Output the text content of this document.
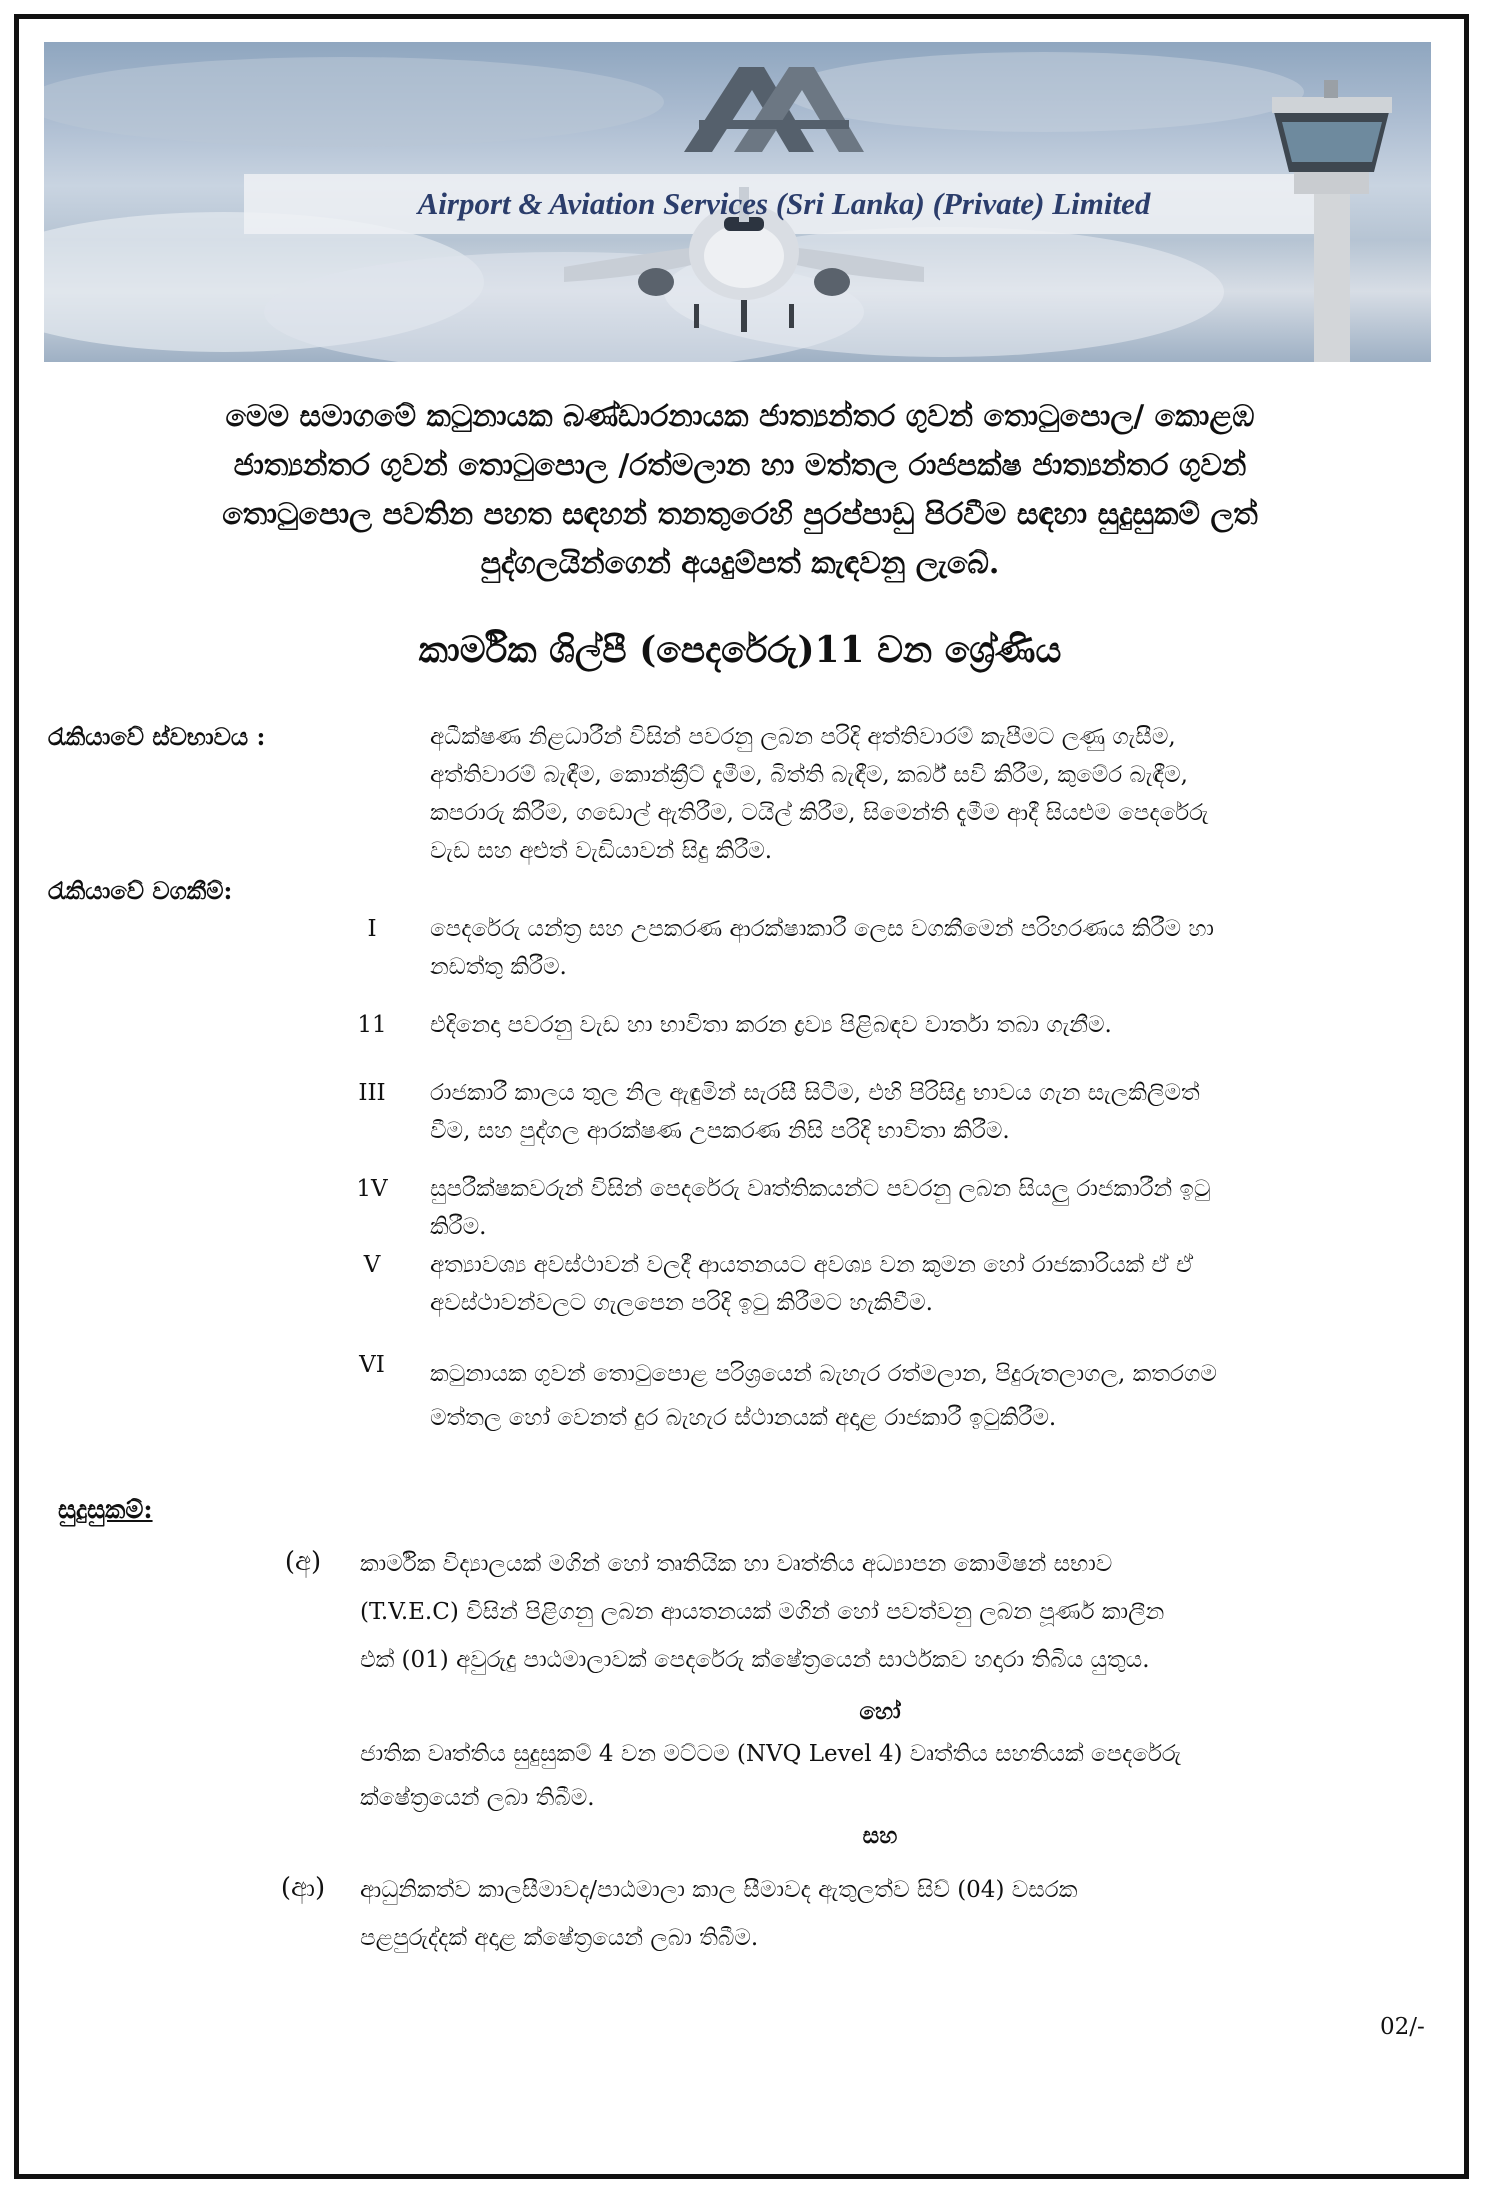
Airport & Aviation Services (Sri Lanka) (Private) Limited
මෙම සමාගමේ කටුනායක බණ්ඩාරනායක ජාත්‍යන්තර ගුවන් තොටුපොල/ කොළඹ
ජාත්‍යන්තර ගුවන් තොටුපොල /රත්මලාන හා මත්තල රාජපක්ෂ ජාත්‍යන්තර ගුවන්
තොටුපොල පවතින පහත සඳහන් තනතුරෙහි පුරප්පාඩු පිරවීම සඳහා සුදුසුකම් ලත්
පුද්ගලයින්ගෙන් අයදුම්පත් කැඳවනු ලැබේ.
කාර්මික ශිල්පී (පෙදරේරු)11 වන ශ්‍රේණිය
රැකියාවේ ස්වභාවය :	අධීක්ෂණ නිළධාරීන් විසින් පවරනු ලබන පරිදි අත්තිවාරම් කැපීමට ලණු ගැසීම,
අත්තිවාරම් බැඳීම, කොන්ක්‍රීට් දැමීම, බිත්ති බැඳීම, කර්බ් සවි කිරීම, කුමේර බැඳීම,
කපරාරු කිරීම, ගඩොල් ඇතිරීම, ටයිල් කිරීම, සිමෙන්ති දැමීම ආදී සියළුම පෙදරේරු
වැඩ සහ අළුත් වැඩියාවන් සිදු කිරීම.
රැකියාවේ වගකීම්:
I	පෙදරේරු යන්ත්‍ර සහ උපකරණ ආරක්ෂාකාරී ලෙස වගකීමෙන් පරිහරණය කිරීම හා
නඩත්තු කිරීම.
11	එදිනෙදා පවරනු වැඩ හා භාවිතා කරන ද්‍රව්‍ය පිළිබඳව වාර්තා තබා ගැනීම.
III	රාජකාරී කාලය තුල නිල ඇඳුමින් සැරසී සිටීම, එහි පිරිසිදු භාවය ගැන සැලකිලිමත්
වීම, සහ පුද්ගල ආරක්ෂණ උපකරණ නිසි පරිදි භාවිතා කිරීම.
1V	සුපරීක්ෂකවරුන් විසින් පෙදරේරු වෘත්තිකයන්ට පවරනු ලබන සියලු රාජකාරීන් ඉටු
කිරීම.
V	අත්‍යාවශ්‍ය අවස්ථාවන් වලදී ආයතනයට අවශ්‍ය වන කුමන හෝ රාජකාරියක් ඒ ඒ
අවස්ථාවන්වලට ගැලපෙන පරිදි ඉටු කිරීමට හැකිවීම.
VI	කටුනායක ගුවන් තොටුපොළ පරිශ්‍රයෙන් බැහැර රත්මලාන, පිදුරුතලාගල, කතරගම
මත්තල හෝ වෙනත් දුර බැහැර ස්ථානයක් අදාළ රාජකාරී ඉටුකිරීම.
සුදුසුකම්:
(අ)	කාර්මික විද්‍යාලයක් මගින් හෝ තෘතියික හා වෘත්තිය අධ්‍යාපන කොමිෂන් සභාව
(T.V.E.C) විසින් පිළිගනු ලබන ආයතනයක් මගින් හෝ පවත්වනු ලබන පූර්ණ කාලීන
එක් (01) අවුරුදු පාඨමාලාවක් පෙදරේරු ක්ෂේත්‍රයෙන් සාර්ථකව හදාරා තිබිය යුතුය.
හෝ
ජාතික වෘත්තිය සුදුසුකම් 4 වන මට්ටම (NVQ Level 4) වෘත්තිය සහතියක් පෙදරේරු
ක්ෂේත්‍රයෙන් ලබා තිබීම.
සහ
(ආ)	ආධුනිකත්ව කාලසීමාවද/පාඨමාලා කාල සීමාවද ඇතුලත්ව සිව් (04) වසරක
පළපුරුද්දක් අදාළ ක්ෂේත්‍රයෙන් ලබා තිබීම.
02/-
